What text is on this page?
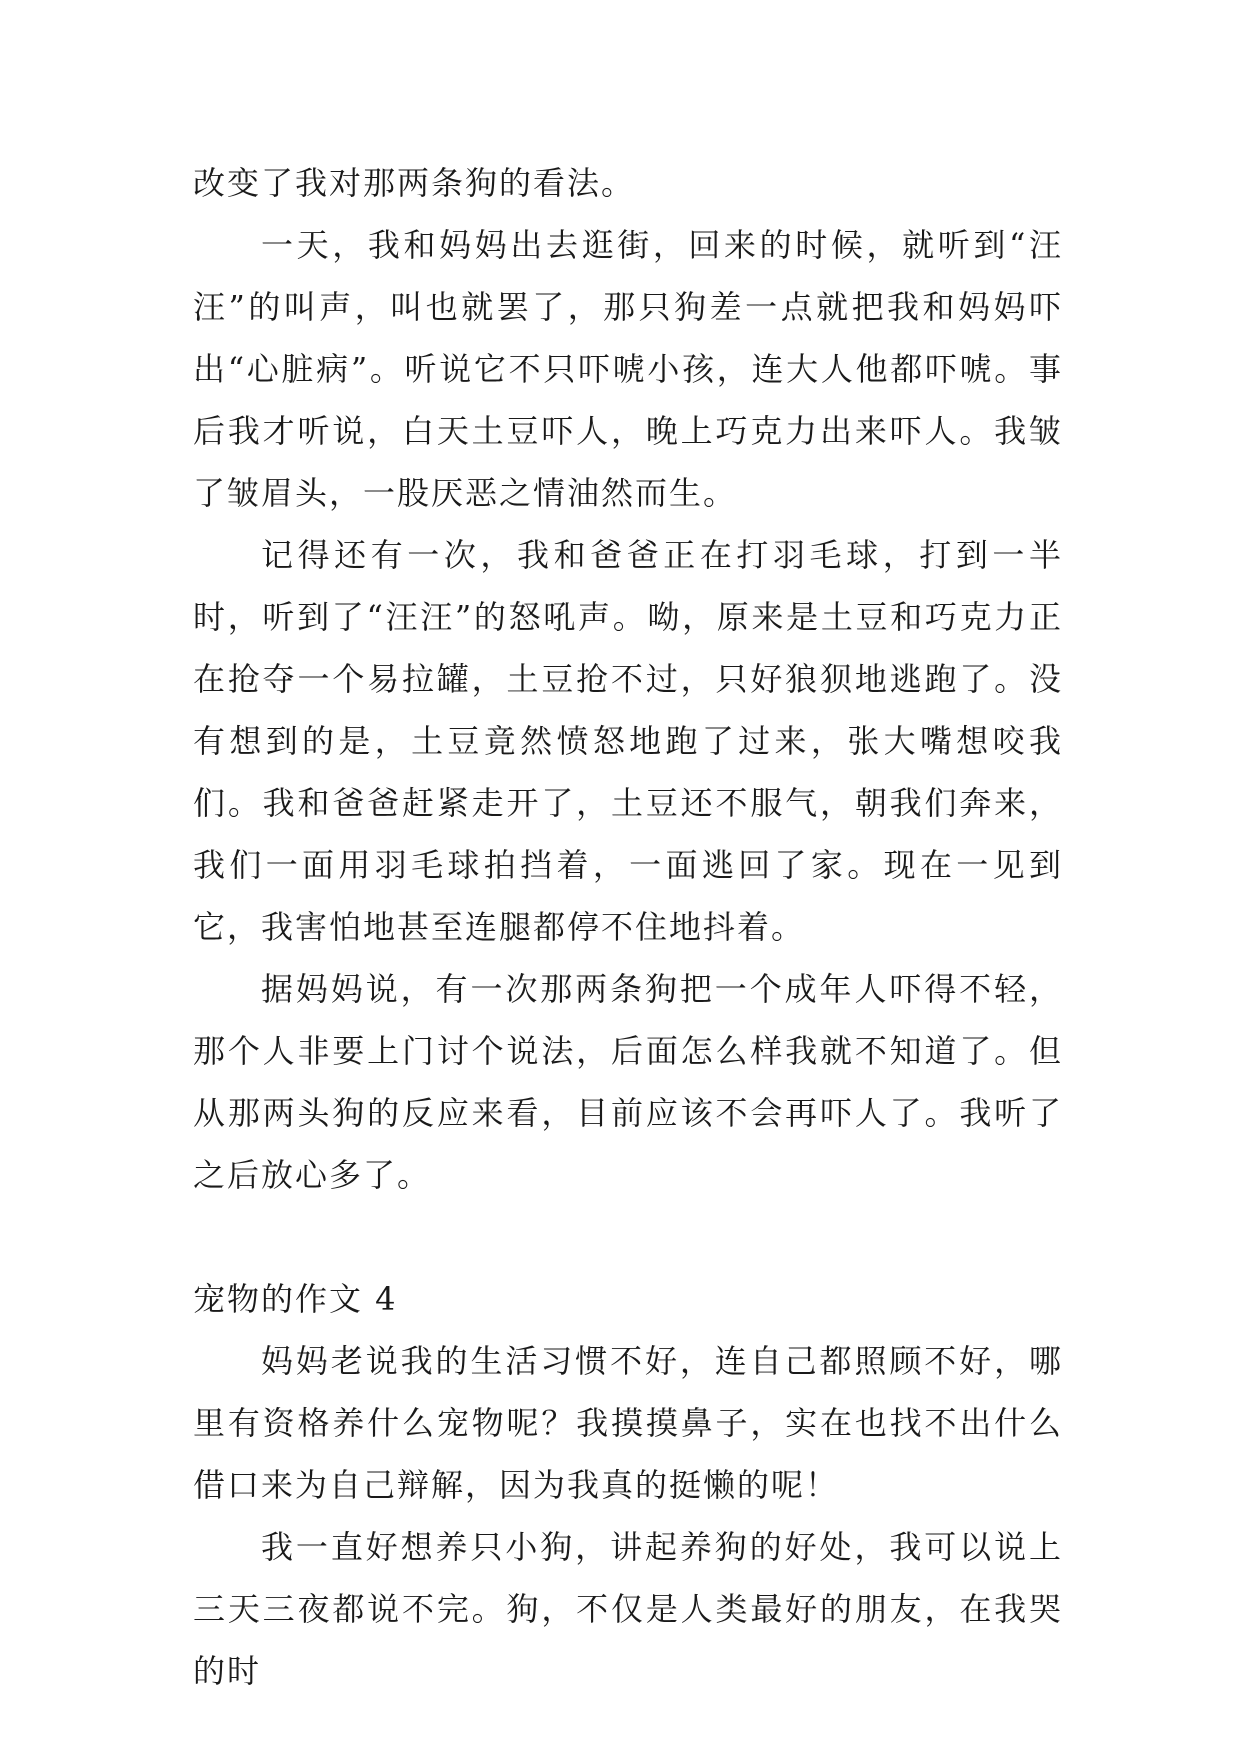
改变了我对那两条狗的看法。

一天，我和妈妈出去逛街，回来的时候，就听到“汪汪”的叫声，叫也就罢了，那只狗差一点就把我和妈妈吓出“心脏病”。听说它不只吓唬小孩，连大人他都吓唬。事后我才听说，白天土豆吓人，晚上巧克力出来吓人。我皱了皱眉头，一股厌恶之情油然而生。

记得还有一次，我和爸爸正在打羽毛球，打到一半时，听到了“汪汪”的怒吼声。呦，原来是土豆和巧克力正在抢夺一个易拉罐，土豆抢不过，只好狼狈地逃跑了。没有想到的是，土豆竟然愤怒地跑了过来，张大嘴想咬我们。我和爸爸赶紧走开了，土豆还不服气，朝我们奔来，我们一面用羽毛球拍挡着，一面逃回了家。现在一见到它，我害怕地甚至连腿都停不住地抖着。

据妈妈说，有一次那两条狗把一个成年人吓得不轻，那个人非要上门讨个说法，后面怎么样我就不知道了。但从那两头狗的反应来看，目前应该不会再吓人了。我听了之后放心多了。

宠物的作文 4

妈妈老说我的生活习惯不好，连自己都照顾不好，哪里有资格养什么宠物呢？我摸摸鼻子，实在也找不出什么借口来为自己辩解，因为我真的挺懒的呢！

我一直好想养只小狗，讲起养狗的好处，我可以说上三天三夜都说不完。狗，不仅是人类最好的朋友，在我哭的时
